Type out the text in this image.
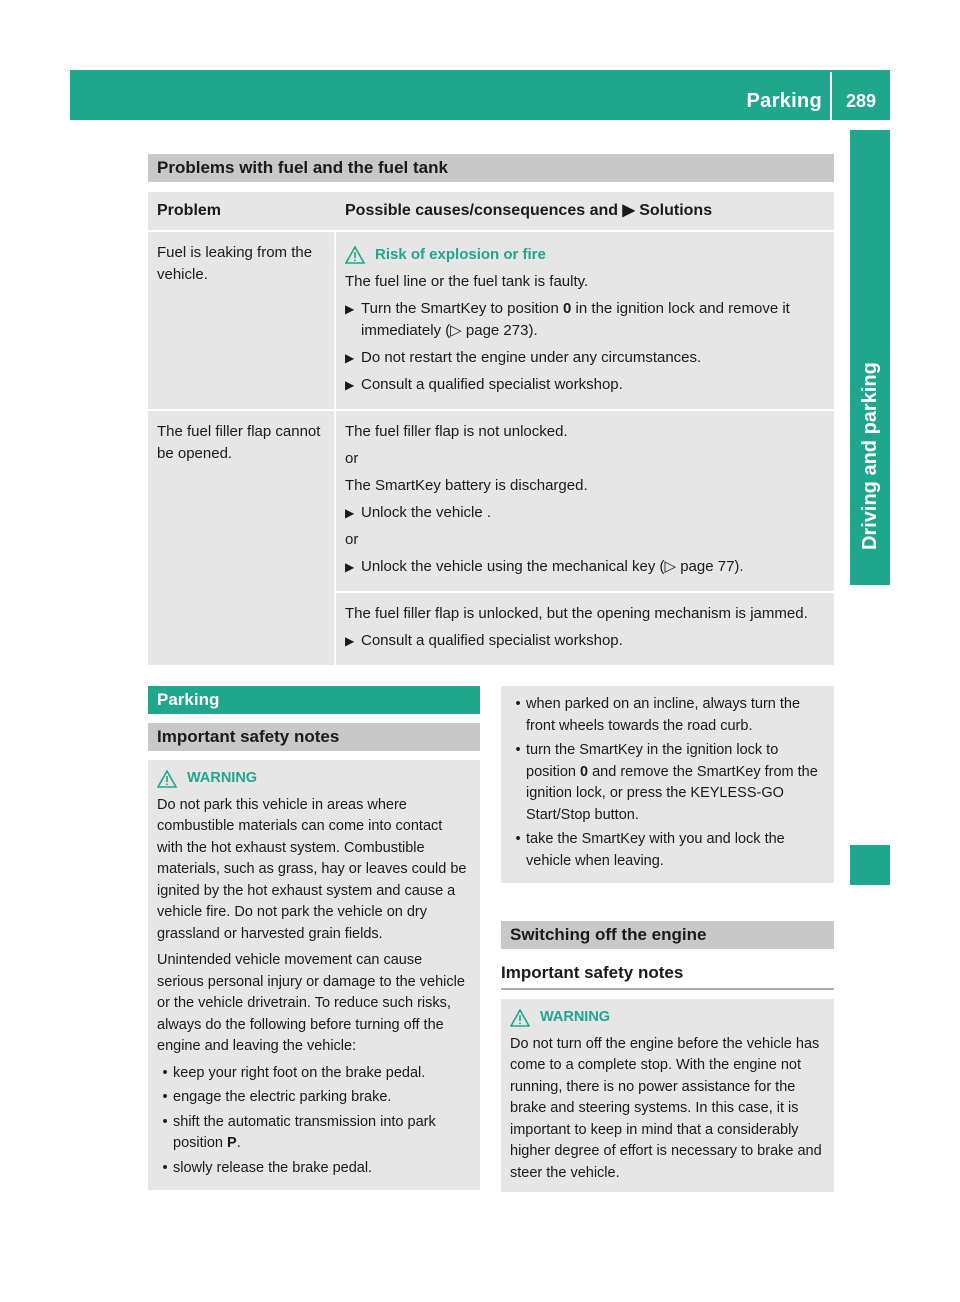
Parking	289
Driving and parking
Problems with fuel and the fuel tank
Problem	Possible causes/consequences and ▶ Solutions
Fuel is leaking from the vehicle.
Risk of explosion or fire
The fuel line or the fuel tank is faulty.
▶ Turn the SmartKey to position 0 in the ignition lock and remove it immediately (▷ page 273).
▶ Do not restart the engine under any circumstances.
▶ Consult a qualified specialist workshop.
The fuel filler flap cannot be opened.
The fuel filler flap is not unlocked.
or
The SmartKey battery is discharged.
▶ Unlock the vehicle .
or
▶ Unlock the vehicle using the mechanical key (▷ page 77).
The fuel filler flap is unlocked, but the opening mechanism is jammed.
▶ Consult a qualified specialist workshop.
Parking
Important safety notes
WARNING
Do not park this vehicle in areas where combustible materials can come into contact with the hot exhaust system. Combustible materials, such as grass, hay or leaves could be ignited by the hot exhaust system and cause a vehicle fire. Do not park the vehicle on dry grassland or harvested grain fields.
Unintended vehicle movement can cause serious personal injury or damage to the vehicle or the vehicle drivetrain. To reduce such risks, always do the following before turning off the engine and leaving the vehicle:
• keep your right foot on the brake pedal.
• engage the electric parking brake.
• shift the automatic transmission into park position P.
• slowly release the brake pedal.
• when parked on an incline, always turn the front wheels towards the road curb.
• turn the SmartKey in the ignition lock to position 0 and remove the SmartKey from the ignition lock, or press the KEYLESS-GO Start/Stop button.
• take the SmartKey with you and lock the vehicle when leaving.
Switching off the engine
Important safety notes
WARNING
Do not turn off the engine before the vehicle has come to a complete stop. With the engine not running, there is no power assistance for the brake and steering systems. In this case, it is important to keep in mind that a considerably higher degree of effort is necessary to brake and steer the vehicle.
